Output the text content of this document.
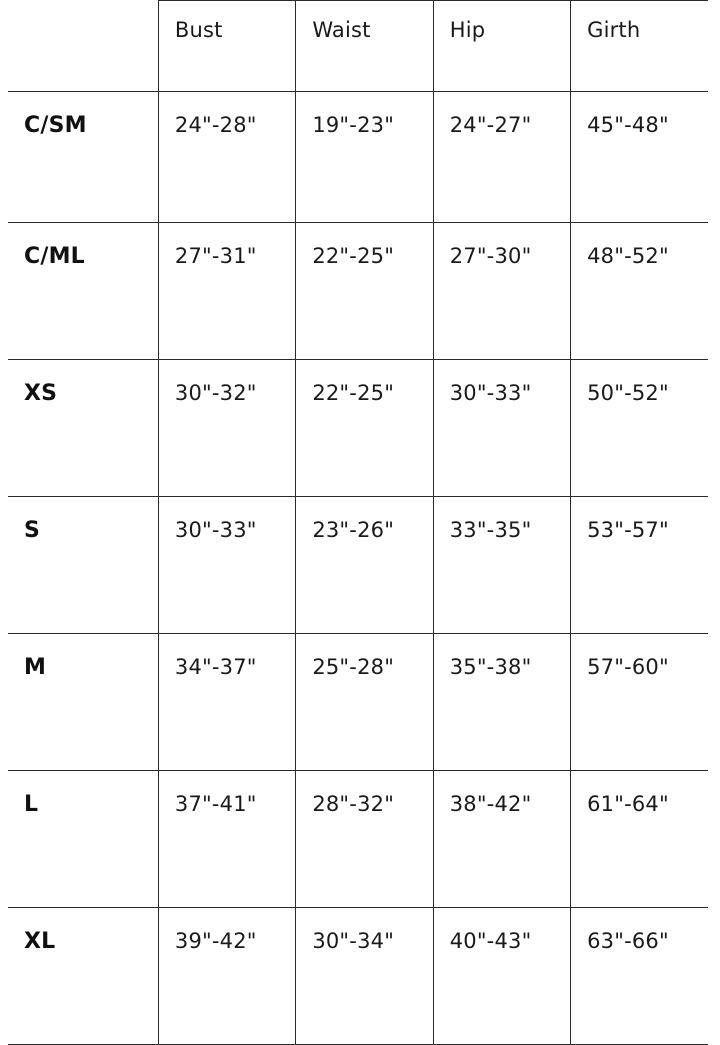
	Bust	Waist	Hip	Girth
C/SM	24"-28"	19"-23"	24"-27"	45"-48"
C/ML	27"-31"	22"-25"	27"-30"	48"-52"
XS	30"-32"	22"-25"	30"-33"	50"-52"
S	30"-33"	23"-26"	33"-35"	53"-57"
M	34"-37"	25"-28"	35"-38"	57"-60"
L	37"-41"	28"-32"	38"-42"	61"-64"
XL	39"-42"	30"-34"	40"-43"	63"-66"
